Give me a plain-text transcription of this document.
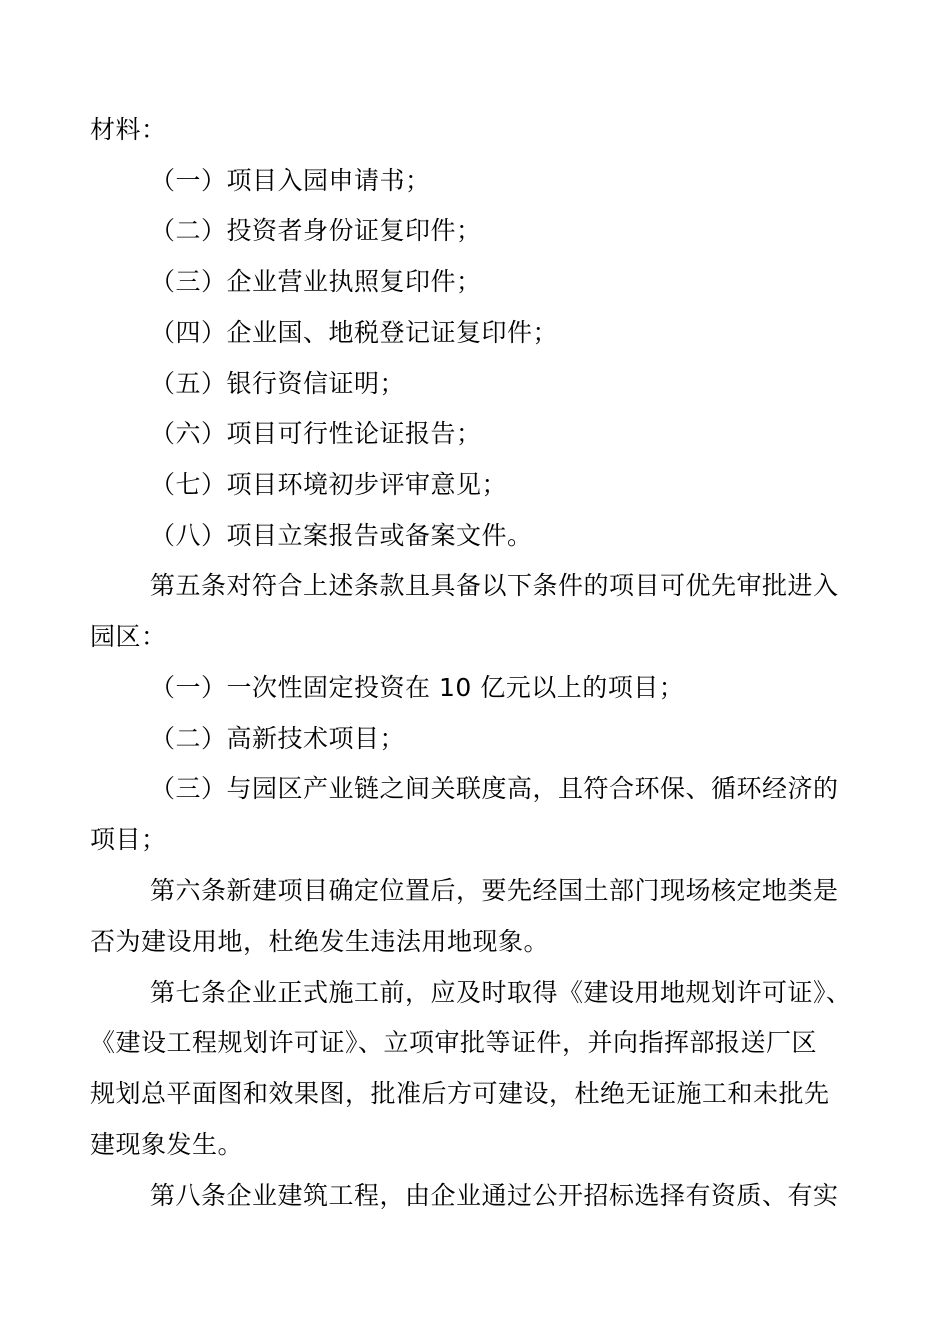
材料：
（一）项目入园申请书；
（二）投资者身份证复印件；
（三）企业营业执照复印件；
（四）企业国、地税登记证复印件；
（五）银行资信证明；
（六）项目可行性论证报告；
（七）项目环境初步评审意见；
（八）项目立案报告或备案文件。
第五条对符合上述条款且具备以下条件的项目可优先审批进入
园区：
（一）一次性固定投资在 10 亿元以上的项目；
（二）高新技术项目；
（三）与园区产业链之间关联度高，且符合环保、循环经济的
项目；
第六条新建项目确定位置后，要先经国土部门现场核定地类是
否为建设用地，杜绝发生违法用地现象。
第七条企业正式施工前，应及时取得《建设用地规划许可证》、
《建设工程规划许可证》、立项审批等证件，并向指挥部报送厂区
规划总平面图和效果图，批准后方可建设，杜绝无证施工和未批先
建现象发生。
第八条企业建筑工程，由企业通过公开招标选择有资质、有实
